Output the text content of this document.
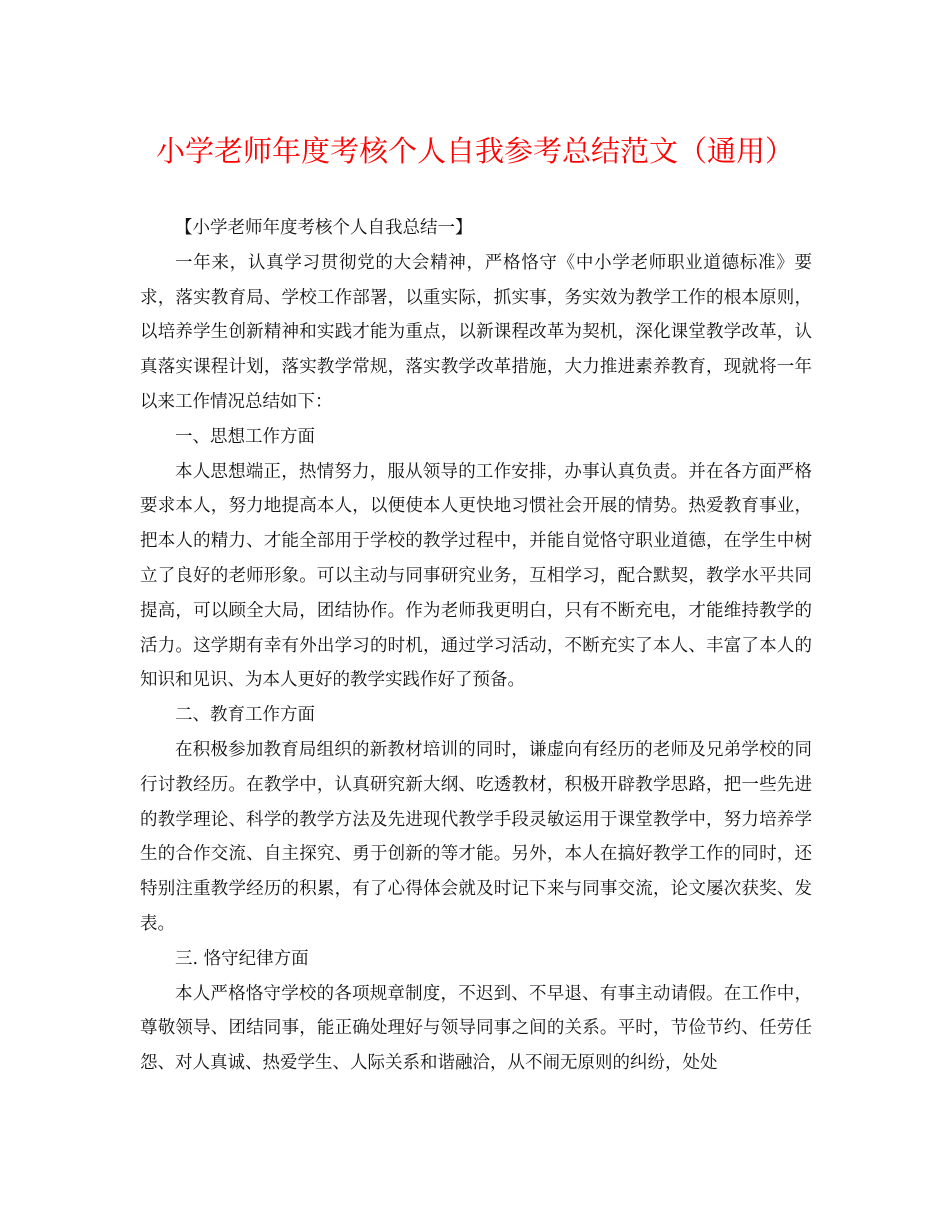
小学老师年度考核个人自我参考总结范文（通用）

【小学老师年度考核个人自我总结一】

一年来，认真学习贯彻党的大会精神，严格恪守《中小学老师职业道德标准》要求，落实教育局、学校工作部署，以重实际，抓实事，务实效为教学工作的根本原则，以培养学生创新精神和实践才能为重点，以新课程改革为契机，深化课堂教学改革，认真落实课程计划，落实教学常规，落实教学改革措施，大力推进素养教育，现就将一年以来工作情况总结如下：

一、思想工作方面

本人思想端正，热情努力，服从领导的工作安排，办事认真负责。并在各方面严格要求本人，努力地提高本人，以便使本人更快地习惯社会开展的情势。热爱教育事业，把本人的精力、才能全部用于学校的教学过程中，并能自觉恪守职业道德，在学生中树立了良好的老师形象。可以主动与同事研究业务，互相学习，配合默契，教学水平共同提高，可以顾全大局，团结协作。作为老师我更明白，只有不断充电，才能维持教学的活力。这学期有幸有外出学习的时机，通过学习活动，不断充实了本人、丰富了本人的知识和见识、为本人更好的教学实践作好了预备。

二、教育工作方面

在积极参加教育局组织的新教材培训的同时，谦虚向有经历的老师及兄弟学校的同行讨教经历。在教学中，认真研究新大纲、吃透教材，积极开辟教学思路，把一些先进的教学理论、科学的教学方法及先进现代教学手段灵敏运用于课堂教学中，努力培养学生的合作交流、自主探究、勇于创新的等才能。另外，本人在搞好教学工作的同时，还特别注重教学经历的积累，有了心得体会就及时记下来与同事交流，论文屡次获奖、发表。

三. 恪守纪律方面

本人严格恪守学校的各项规章制度，不迟到、不早退、有事主动请假。在工作中，尊敬领导、团结同事，能正确处理好与领导同事之间的关系。平时，节俭节约、任劳任怨、对人真诚、热爱学生、人际关系和谐融洽，从不闹无原则的纠纷，处处
